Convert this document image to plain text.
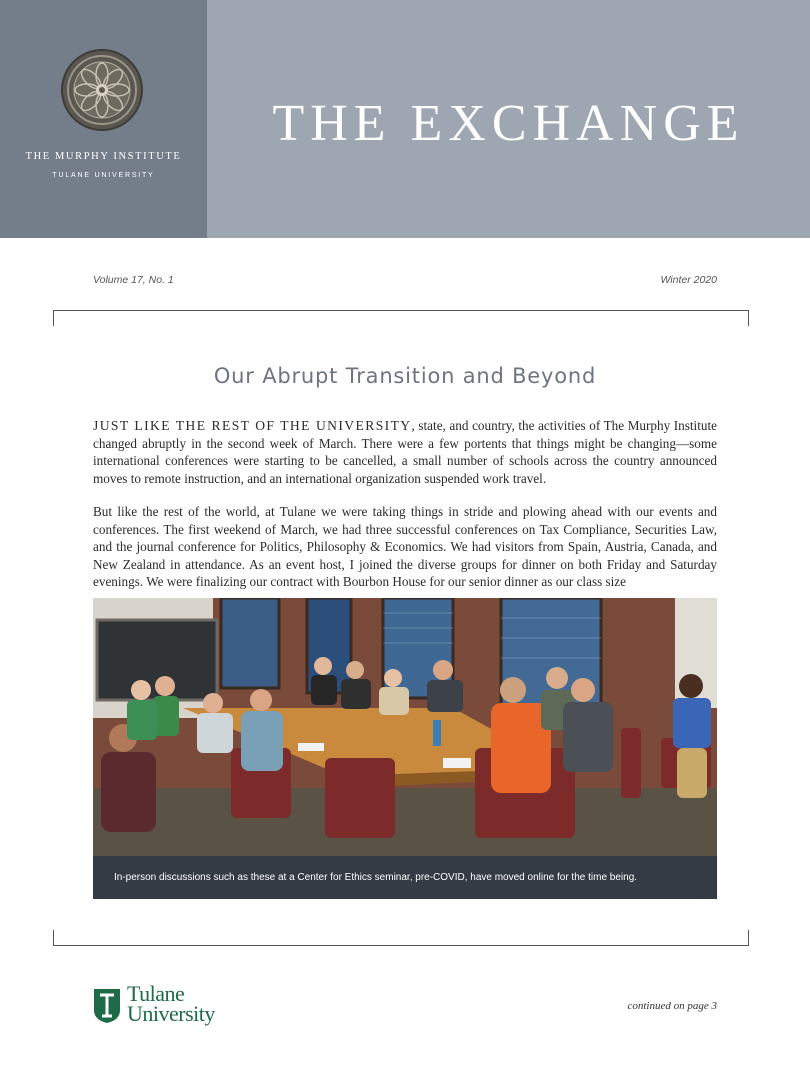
THE MURPHY INSTITUTE
TULANE UNIVERSITY
THE EXCHANGE
Volume 17, No. 1	Winter 2020
Our Abrupt Transition and Beyond

JUST LIKE THE REST OF THE UNIVERSITY, state, and country, the activities of The Murphy Institute changed abruptly in the second week of March. There were a few portents that things might be changing—some international conferences were starting to be cancelled, a small number of schools across the country announced moves to remote instruction, and an international organization suspended work travel.

But like the rest of the world, at Tulane we were taking things in stride and plowing ahead with our events and conferences. The first weekend of March, we had three successful conferences on Tax Compliance, Securities Law, and the journal conference for Politics, Philosophy & Economics. We had visitors from Spain, Austria, Canada, and New Zealand in attendance. As an event host, I joined the diverse groups for dinner on both Friday and Saturday evenings. We were finalizing our contract with Bourbon House for our senior dinner as our class size

In-person discussions such as these at a Center for Ethics seminar, pre-COVID, have moved online for the time being.
Tulane
University	continued on page 3
